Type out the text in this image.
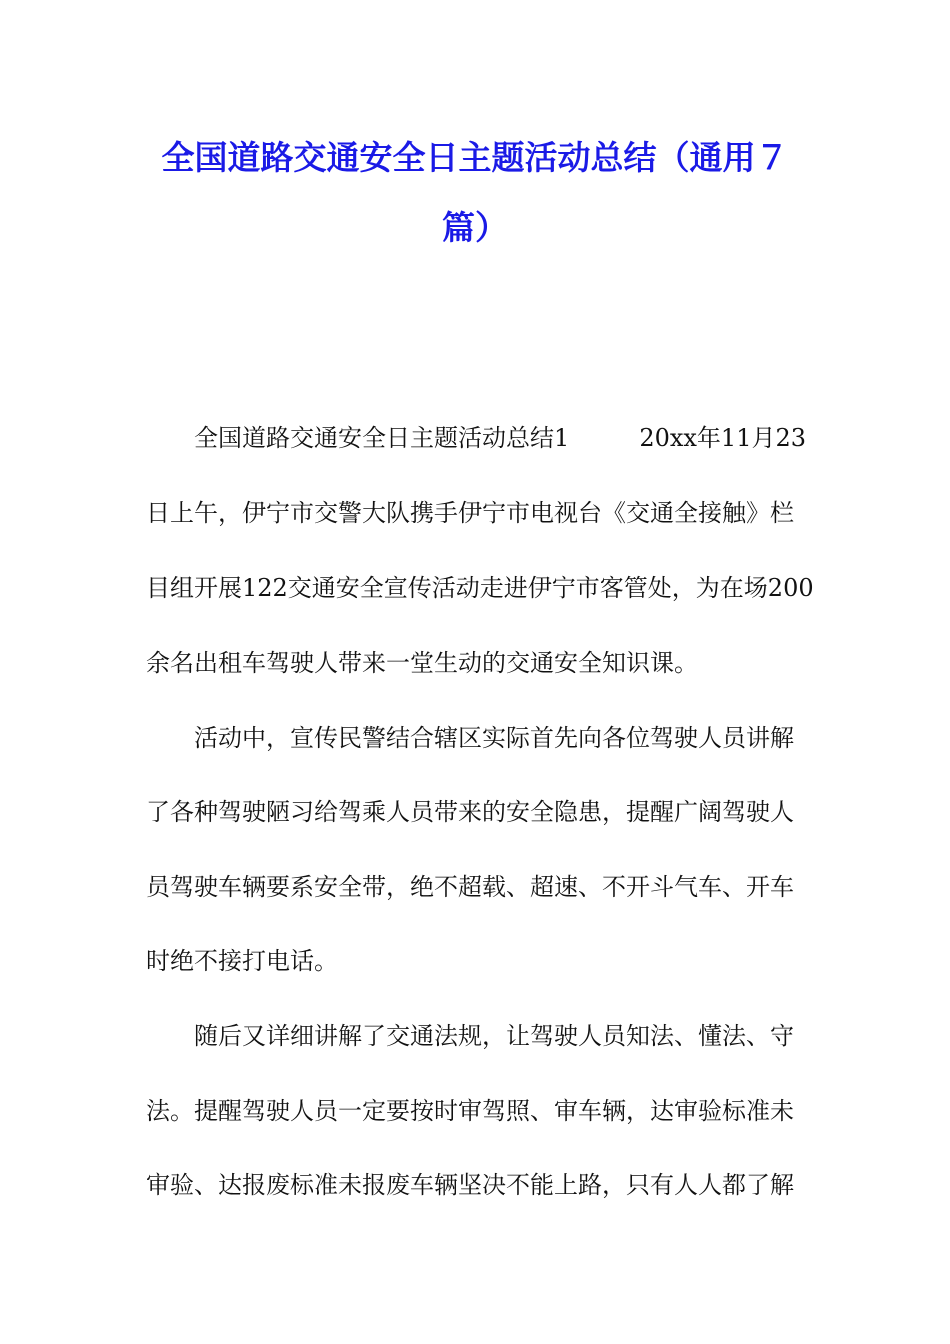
全国道路交通安全日主题活动总结（通用７
篇）
全国道路交通安全日主题活动总结1	20xx年11月23
日上午，伊宁市交警大队携手伊宁市电视台《交通全接触》栏
目组开展122交通安全宣传活动走进伊宁市客管处，为在场200
余名出租车驾驶人带来一堂生动的交通安全知识课。
活动中，宣传民警结合辖区实际首先向各位驾驶人员讲解
了各种驾驶陋习给驾乘人员带来的安全隐患，提醒广阔驾驶人
员驾驶车辆要系安全带，绝不超载、超速、不开斗气车、开车
时绝不接打电话。
随后又详细讲解了交通法规，让驾驶人员知法、懂法、守
法。提醒驾驶人员一定要按时审驾照、审车辆，达审验标准未
审验、达报废标准未报废车辆坚决不能上路，只有人人都了解
